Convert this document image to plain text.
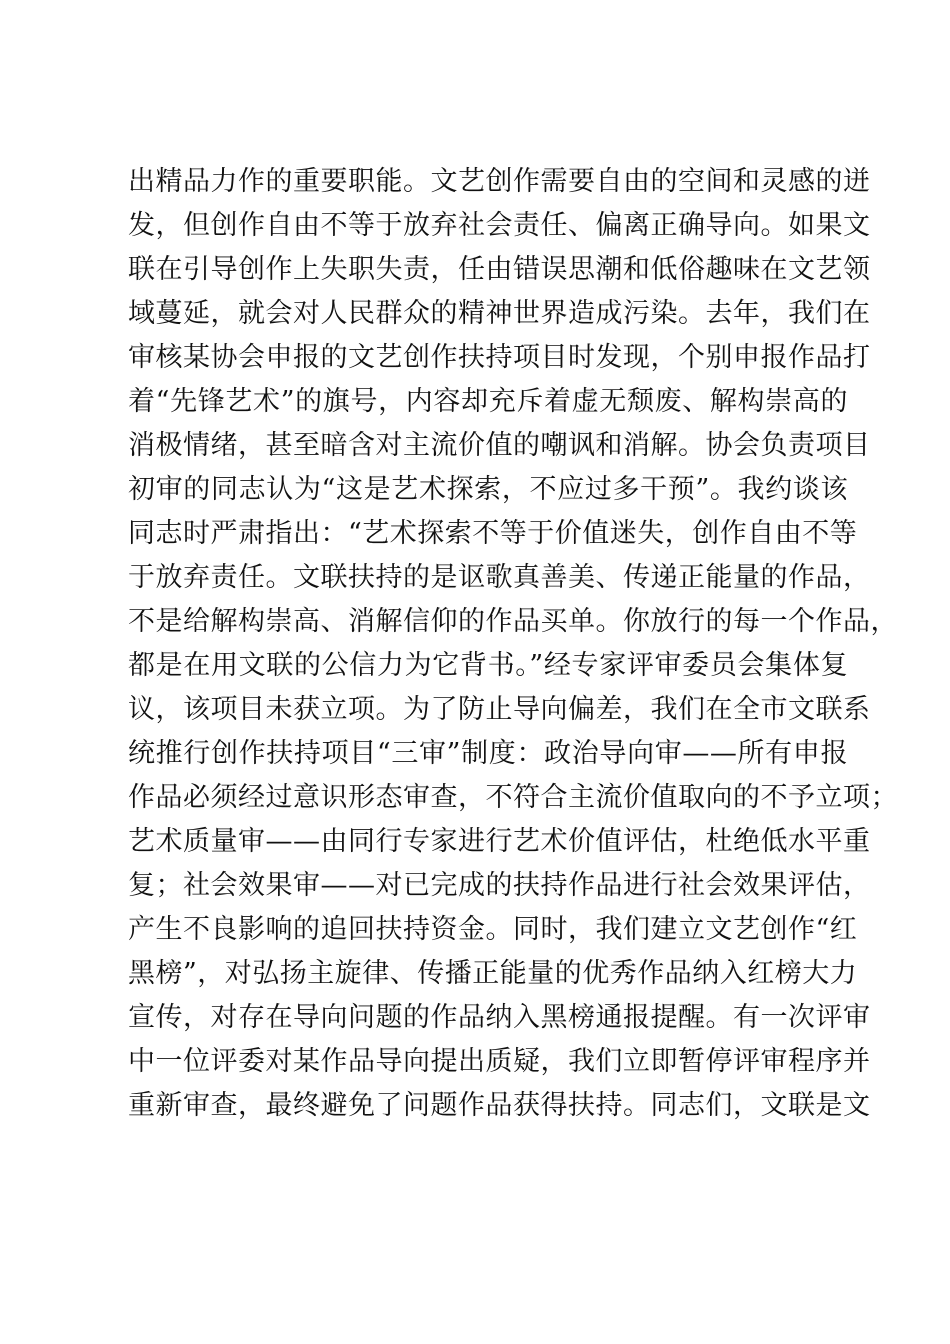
出精品力作的重要职能。文艺创作需要自由的空间和灵感的迸
发，但创作自由不等于放弃社会责任、偏离正确导向。如果文
联在引导创作上失职失责，任由错误思潮和低俗趣味在文艺领
域蔓延，就会对人民群众的精神世界造成污染。去年，我们在
审核某协会申报的文艺创作扶持项目时发现，个别申报作品打
着“先锋艺术”的旗号，内容却充斥着虚无颓废、解构崇高的
消极情绪，甚至暗含对主流价值的嘲讽和消解。协会负责项目
初审的同志认为“这是艺术探索，不应过多干预”。我约谈该
同志时严肃指出：“艺术探索不等于价值迷失，创作自由不等
于放弃责任。文联扶持的是讴歌真善美、传递正能量的作品，
不是给解构崇高、消解信仰的作品买单。你放行的每一个作品，
都是在用文联的公信力为它背书。”经专家评审委员会集体复
议，该项目未获立项。为了防止导向偏差，我们在全市文联系
统推行创作扶持项目“三审”制度：政治导向审——所有申报
作品必须经过意识形态审查，不符合主流价值取向的不予立项；
艺术质量审——由同行专家进行艺术价值评估，杜绝低水平重
复；社会效果审——对已完成的扶持作品进行社会效果评估，
产生不良影响的追回扶持资金。同时，我们建立文艺创作“红
黑榜”，对弘扬主旋律、传播正能量的优秀作品纳入红榜大力
宣传，对存在导向问题的作品纳入黑榜通报提醒。有一次评审
中一位评委对某作品导向提出质疑，我们立即暂停评审程序并
重新审查，最终避免了问题作品获得扶持。同志们，文联是文
